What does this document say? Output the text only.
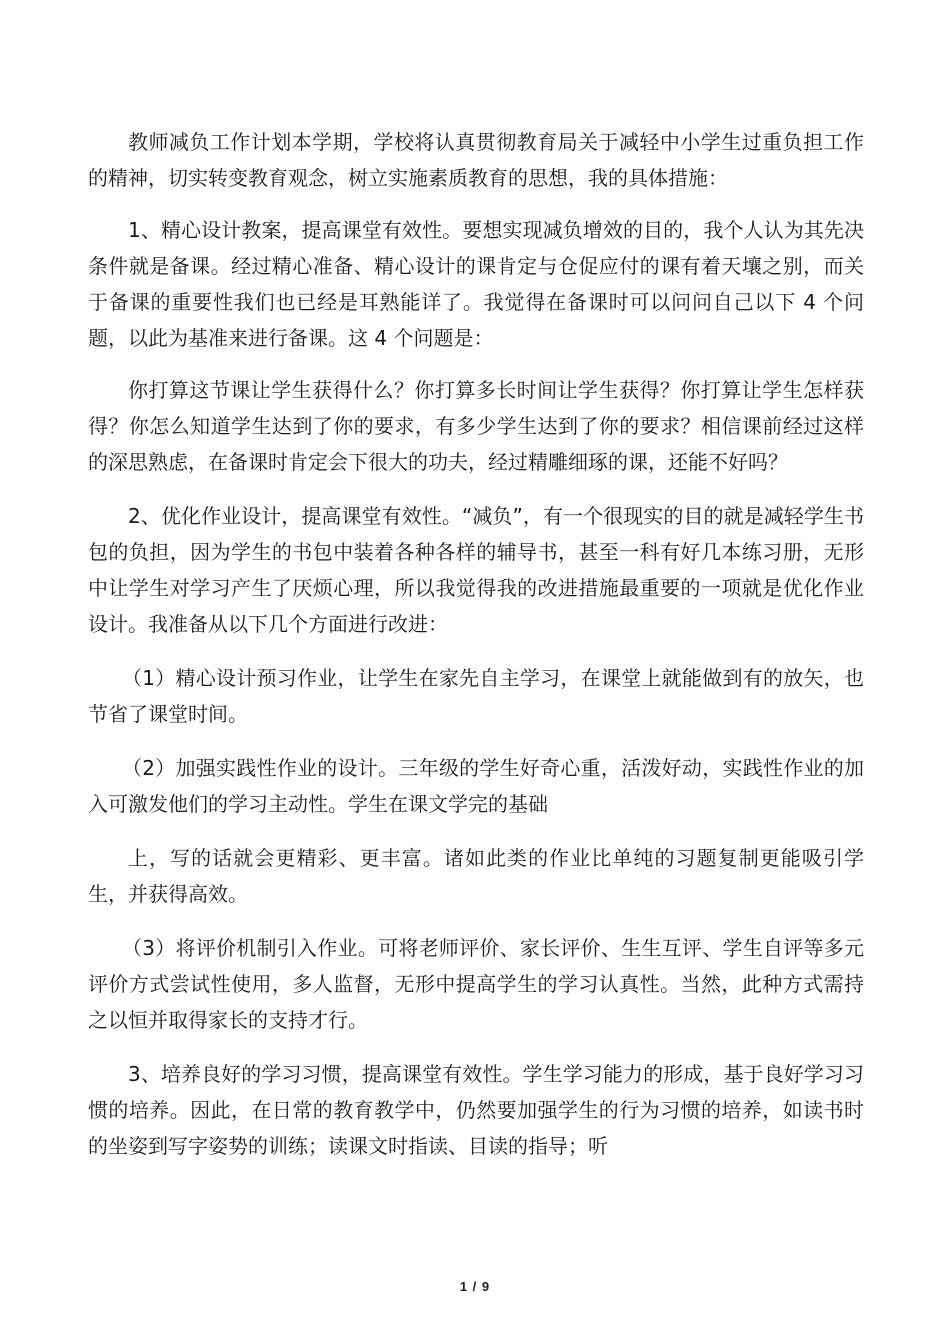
教师减负工作计划本学期，学校将认真贯彻教育局关于减轻中小学生过重负担工作的精神，切实转变教育观念，树立实施素质教育的思想，我的具体措施：

1、精心设计教案，提高课堂有效性。要想实现减负增效的目的，我个人认为其先决条件就是备课。经过精心准备、精心设计的课肯定与仓促应付的课有着天壤之别，而关于备课的重要性我们也已经是耳熟能详了。我觉得在备课时可以问问自己以下 4 个问题，以此为基准来进行备课。这 4 个问题是：

你打算这节课让学生获得什么？你打算多长时间让学生获得？你打算让学生怎样获得？你怎么知道学生达到了你的要求，有多少学生达到了你的要求？相信课前经过这样的深思熟虑，在备课时肯定会下很大的功夫，经过精雕细琢的课，还能不好吗？

2、优化作业设计，提高课堂有效性。“减负”，有一个很现实的目的就是减轻学生书包的负担，因为学生的书包中装着各种各样的辅导书，甚至一科有好几本练习册，无形中让学生对学习产生了厌烦心理，所以我觉得我的改进措施最重要的一项就是优化作业设计。我准备从以下几个方面进行改进：

（1）精心设计预习作业，让学生在家先自主学习，在课堂上就能做到有的放矢，也节省了课堂时间。

（2）加强实践性作业的设计。三年级的学生好奇心重，活泼好动，实践性作业的加入可激发他们的学习主动性。学生在课文学完的基础

上，写的话就会更精彩、更丰富。诸如此类的作业比单纯的习题复制更能吸引学生，并获得高效。

（3）将评价机制引入作业。可将老师评价、家长评价、生生互评、学生自评等多元评价方式尝试性使用，多人监督，无形中提高学生的学习认真性。当然，此种方式需持之以恒并取得家长的支持才行。

3、培养良好的学习习惯，提高课堂有效性。学生学习能力的形成，基于良好学习习惯的培养。因此，在日常的教育教学中，仍然要加强学生的行为习惯的培养，如读书时的坐姿到写字姿势的训练；读课文时指读、目读的指导；听

1 / 9
